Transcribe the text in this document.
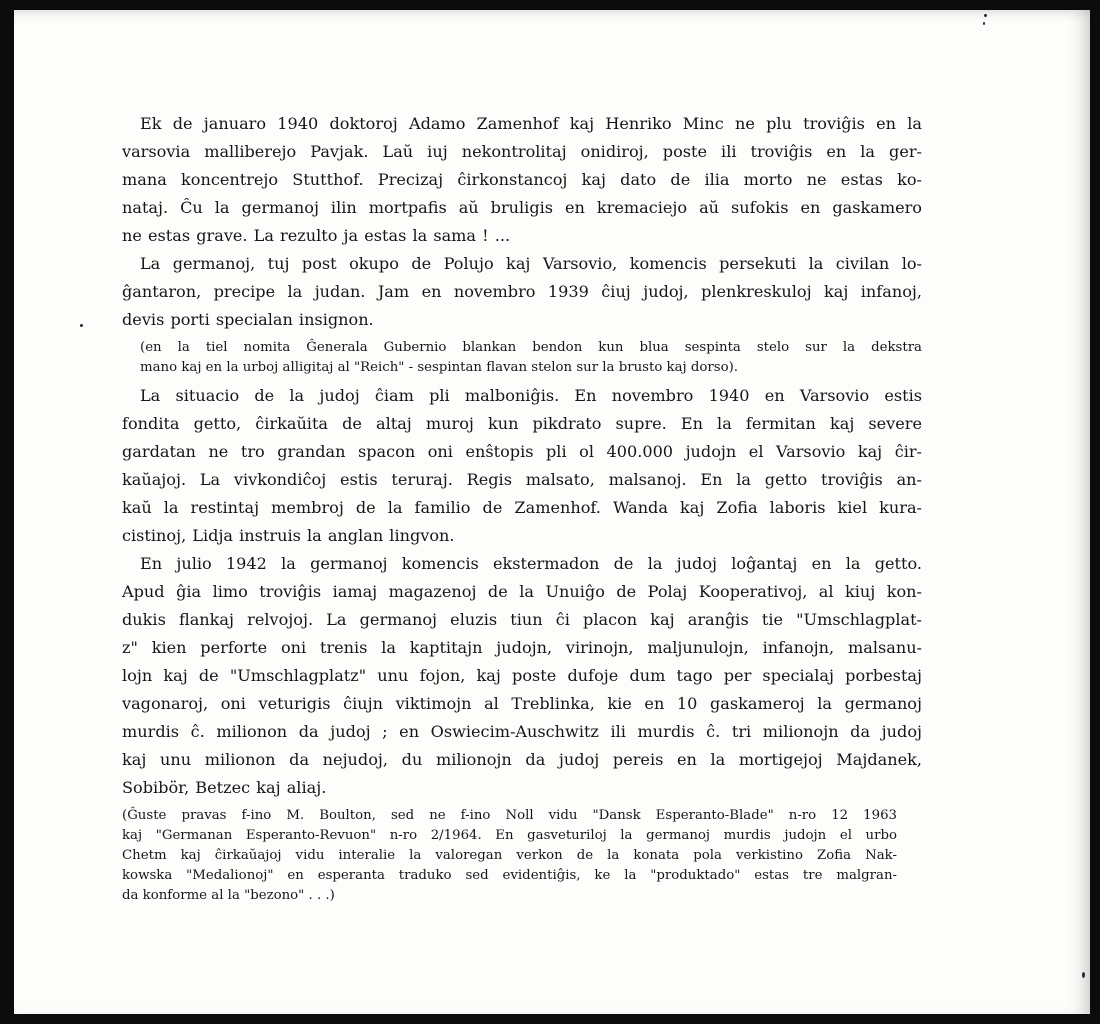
Ek de januaro 1940 doktoroj Adamo Zamenhof kaj Henriko Minc ne plu troviĝis en la
varsovia malliberejo Pavjak. Laŭ iuj nekontrolitaj onidiroj, poste ili troviĝis en la ger-
mana koncentrejo Stutthof. Precizaj ĉirkonstancoj kaj dato de ilia morto ne estas ko-
nataj. Ĉu la germanoj ilin mortpafis aŭ bruligis en kremaciejo aŭ sufokis en gaskamero
ne estas grave. La rezulto ja estas la sama ! ...
La germanoj, tuj post okupo de Polujo kaj Varsovio, komencis persekuti la civilan lo-
ĝantaron, precipe la judan. Jam en novembro 1939 ĉiuj judoj, plenkreskuloj kaj infanoj,
devis porti specialan insignon.
(en la tiel nomita Ĝenerala Gubernio blankan bendon kun blua sespinta stelo sur la dekstra
mano kaj en la urboj alligitaj al "Reich" - sespintan flavan stelon sur la brusto kaj dorso).
La situacio de la judoj ĉiam pli malboniĝis. En novembro 1940 en Varsovio estis
fondita getto, ĉirkaŭita de altaj muroj kun pikdrato supre. En la fermitan kaj severe
gardatan ne tro grandan spacon oni enŝtopis pli ol 400.000 judojn el Varsovio kaj ĉir-
kaŭajoj. La vivkondiĉoj estis teruraj. Regis malsato, malsanoj. En la getto troviĝis an-
kaŭ la restintaj membroj de la familio de Zamenhof. Wanda kaj Zofia laboris kiel kura-
cistinoj, Lidja instruis la anglan lingvon.
En julio 1942 la germanoj komencis ekstermadon de la judoj loĝantaj en la getto.
Apud ĝia limo troviĝis iamaj magazenoj de la Unuiĝo de Polaj Kooperativoj, al kiuj kon-
dukis flankaj relvojoj. La germanoj eluzis tiun ĉi placon kaj aranĝis tie "Umschlagplat-
z" kien perforte oni trenis la kaptitajn judojn, virinojn, maljunulojn, infanojn, malsanu-
lojn kaj de "Umschlagplatz" unu fojon, kaj poste dufoje dum tago per specialaj porbestaj
vagonaroj, oni veturigis ĉiujn viktimojn al Treblinka, kie en 10 gaskameroj la germanoj
murdis ĉ. milionon da judoj ; en Oswiecim-Auschwitz ili murdis ĉ. tri milionojn da judoj
kaj unu milionon da nejudoj, du milionojn da judoj pereis en la mortigejoj Majdanek,
Sobibör, Betzec kaj aliaj.
(Ĝuste pravas f-ino M. Boulton, sed ne f-ino Noll vidu "Dansk Esperanto-Blade" n-ro 12 1963
kaj "Germanan Esperanto-Revuon" n-ro 2/1964. En gasveturiloj la germanoj murdis judojn el urbo
Chetm kaj ĉirkaŭajoj vidu interalie la valoregan verkon de la konata pola verkistino Zofia Nak-
kowska "Medalionoj" en esperanta traduko sed evidentiĝis, ke la "produktado" estas tre malgran-
da konforme al la "bezono" . . .)
